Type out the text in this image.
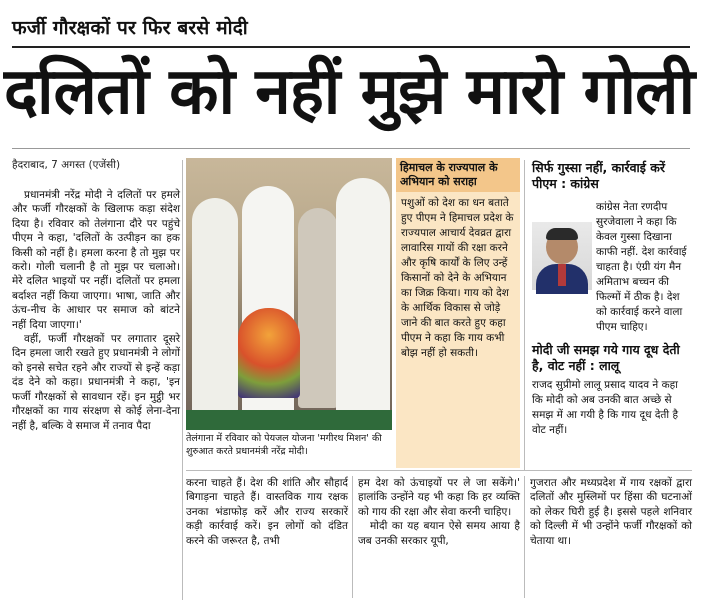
फर्जी गौरक्षकों पर फिर बरसे मोदी
दलितों को नहीं मुझे मारो गोली
हैदराबाद, 7 अगस्त (एजेंसी)

प्रधानमंत्री नरेंद्र मोदी ने दलितों पर हमले और फर्जी गौरक्षकों के खिलाफ कड़ा संदेश दिया है। रविवार को तेलंगाना दौरे पर पहुंचे पीएम ने कहा, 'दलितों के उत्पीड़न का हक किसी को नहीं है। हमला करना है तो मुझ पर करो। गोली चलानी है तो मुझ पर चलाओ। मेरे दलित भाइयों पर नहीं। दलितों पर हमला बर्दाश्त नहीं किया जाएगा। भाषा, जाति और ऊंच-नीच के आधार पर समाज को बांटने नहीं दिया जाएगा।'

वहीं, फर्जी गौरक्षकों पर लगातार दूसरे दिन हमला जारी रखते हुए प्रधानमंत्री ने लोगों को इनसे सचेत रहने और राज्यों से इन्हें कड़ा दंड देने को कहा। प्रधानमंत्री ने कहा, 'इन फर्जी गौरक्षकों से सावधान रहें। इन मुट्ठी भर गौरक्षकों का गाय संरक्षण से कोई लेना-देना नहीं है, बल्कि वे समाज में तनाव पैदा

तेलंगाना में रविवार को पेयजल योजना 'मगीरथ मिशन' की शुरुआत करते प्रधानमंत्री नरेंद्र मोदी।
हिमाचल के राज्यपाल के अभियान को सराहा
पशुओं को देश का धन बताते हुए पीएम ने हिमाचल प्रदेश के राज्यपाल आचार्य देवव्रत द्वारा लावारिस गायों की रक्षा करने और कृषि कार्यों के लिए उन्हें किसानों को देने के अभियान का जिक्र किया। गाय को देश के आर्थिक विकास से जोड़े जाने की बात करते हुए कहा पीएम ने कहा कि गाय कभी बोझ नहीं हो सकती।
सिर्फ गुस्सा नहीं, कार्रवाई करें पीएम : कांग्रेस
कांग्रेस नेता रणदीप सुरजेवाला ने कहा कि केवल गुस्सा दिखाना काफी नहीं. देश कार्रवाई चाहता है। एंग्री यंग मैन अमिताभ बच्चन की फिल्मों में ठीक है। देश को कार्रवाई करने वाला पीएम चाहिए।
मोदी जी समझ गये गाय दूध देती है, वोट नहीं : लालू
राजद सुप्रीमो लालू प्रसाद यादव ने कहा कि मोदी को अब उनकी बात अच्छे से समझ में आ गयी है कि गाय दूध देती है वोट नहीं।
करना चाहते हैं। देश की शांति और सौहार्द बिगाड़ना चाहते हैं। वास्तविक गाय रक्षक उनका भंडाफोड़ करें और राज्य सरकारें कड़ी कार्रवाई करें। इन लोगों को दंडित करने की जरूरत है, तभी

हम देश को ऊंचाइयों पर ले जा सकेंगे।' हालांकि उन्होंने यह भी कहा कि हर व्यक्ति को गाय की रक्षा और सेवा करनी चाहिए।

मोदी का यह बयान ऐसे समय आया है जब उनकी सरकार यूपी,

गुजरात और मध्यप्रदेश में गाय रक्षकों द्वारा दलितों और मुस्लिमों पर हिंसा की घटनाओं को लेकर घिरी हुई है। इससे पहले शनिवार को दिल्ली में भी उन्होंने फर्जी गौरक्षकों को चेताया था।
